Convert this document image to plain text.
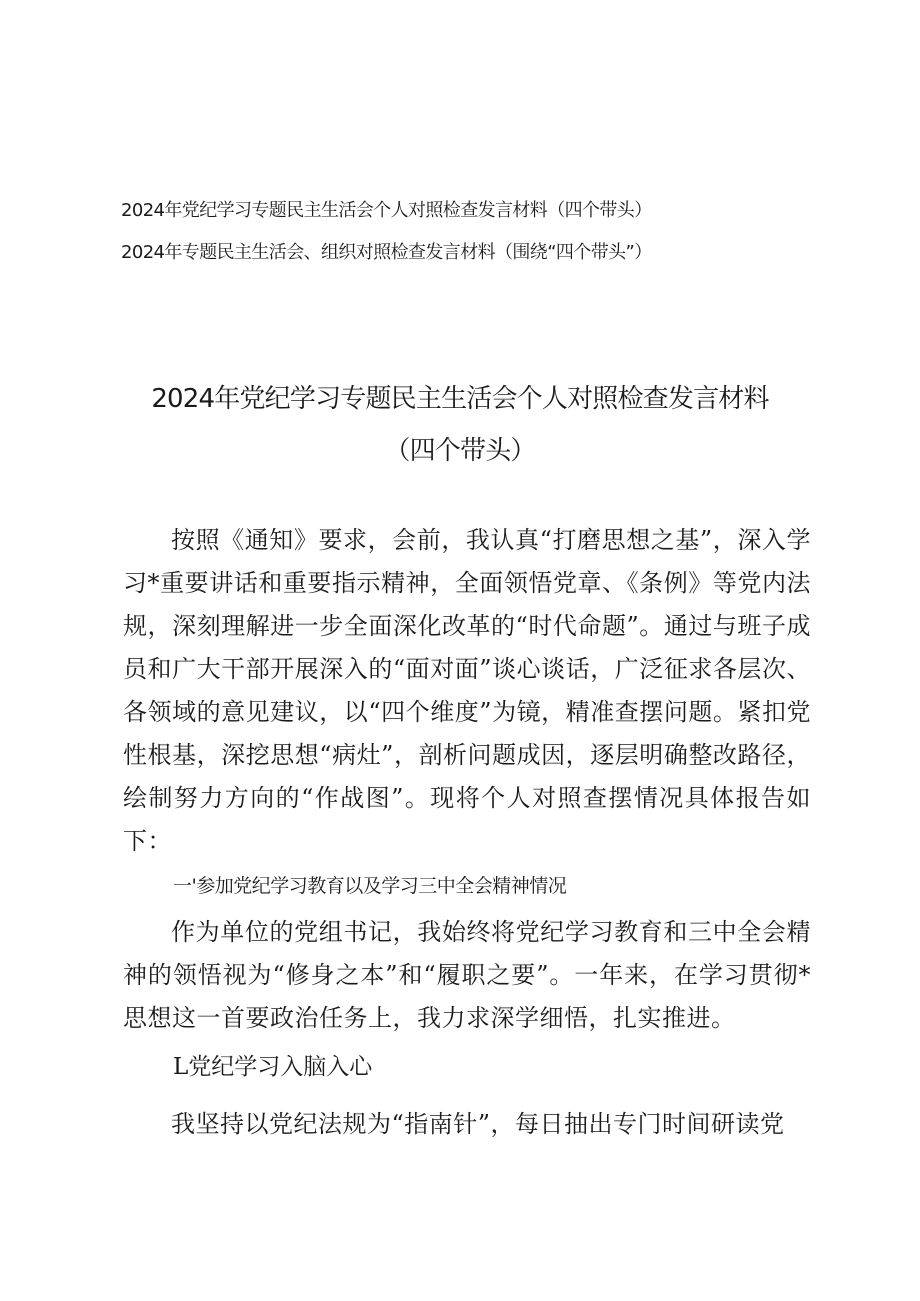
2024年党纪学习专题民主生活会个人对照检查发言材料（四个带头）
2024年专题民主生活会、组织对照检查发言材料（围绕“四个带头”）
2024年党纪学习专题民主生活会个人对照检查发言材料
（四个带头）

按照《通知》要求，会前，我认真“打磨思想之基”，深入学习*重要讲话和重要指示精神，全面领悟党章、《条例》等党内法规，深刻理解进一步全面深化改革的“时代命题”。通过与班子成员和广大干部开展深入的“面对面”谈心谈话，广泛征求各层次、各领域的意见建议，以“四个维度”为镜，精准查摆问题。紧扣党性根基，深挖思想“病灶”，剖析问题成因，逐层明确整改路径，绘制努力方向的“作战图”。现将个人对照查摆情况具体报告如下：

一'参加党纪学习教育以及学习三中全会精神情况

作为单位的党组书记，我始终将党纪学习教育和三中全会精神的领悟视为“修身之本”和“履职之要”。一年来，在学习贯彻*思想这一首要政治任务上，我力求深学细悟，扎实推进。

L党纪学习入脑入心

我坚持以党纪法规为“指南针”，每日抽出专门时间研读党
